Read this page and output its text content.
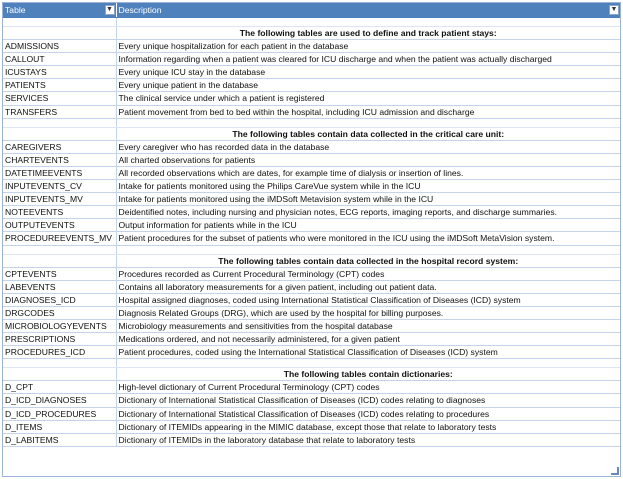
Table ▼	Description ▼

	The following tables are used to define and track patient stays:
ADMISSIONS	Every unique hospitalization for each patient in the database
CALLOUT	Information regarding when a patient was cleared for ICU discharge and when the patient was actually discharged
ICUSTAYS	Every unique ICU stay in the database
PATIENTS	Every unique patient in the database
SERVICES	The clinical service under which a patient is registered
TRANSFERS	Patient movement from bed to bed within the hospital, including ICU admission and discharge

	The following tables contain data collected in the critical care unit:
CAREGIVERS	Every caregiver who has recorded data in the database
CHARTEVENTS	All charted observations for patients
DATETIMEEVENTS	All recorded observations which are dates, for example time of dialysis or insertion of lines.
INPUTEVENTS_CV	Intake for patients monitored using the Philips CareVue system while in the ICU
INPUTEVENTS_MV	Intake for patients monitored using the iMDSoft Metavision system while in the ICU
NOTEEVENTS	Deidentified notes, including nursing and physician notes, ECG reports, imaging reports, and discharge summaries.
OUTPUTEVENTS	Output information for patients while in the ICU
PROCEDUREEVENTS_MV	Patient procedures for the subset of patients who were monitored in the ICU using the iMDSoft MetaVision system.

	The following tables contain data collected in the hospital record system:
CPTEVENTS	Procedures recorded as Current Procedural Terminology (CPT) codes
LABEVENTS	Contains all laboratory measurements for a given patient, including out patient data.
DIAGNOSES_ICD	Hospital assigned diagnoses, coded using International Statistical Classification of Diseases (ICD) system
DRGCODES	Diagnosis Related Groups (DRG), which are used by the hospital for billing purposes.
MICROBIOLOGYEVENTS	Microbiology measurements and sensitivities from the hospital database
PRESCRIPTIONS	Medications ordered, and not necessarily administered, for a given patient
PROCEDURES_ICD	Patient procedures, coded using the International Statistical Classification of Diseases (ICD) system

	The following tables contain dictionaries:
D_CPT	High-level dictionary of Current Procedural Terminology (CPT) codes
D_ICD_DIAGNOSES	Dictionary of International Statistical Classification of Diseases (ICD) codes relating to diagnoses
D_ICD_PROCEDURES	Dictionary of International Statistical Classification of Diseases (ICD) codes relating to procedures
D_ITEMS	Dictionary of ITEMIDs appearing in the MIMIC database, except those that relate to laboratory tests
D_LABITEMS	Dictionary of ITEMIDs in the laboratory database that relate to laboratory tests
